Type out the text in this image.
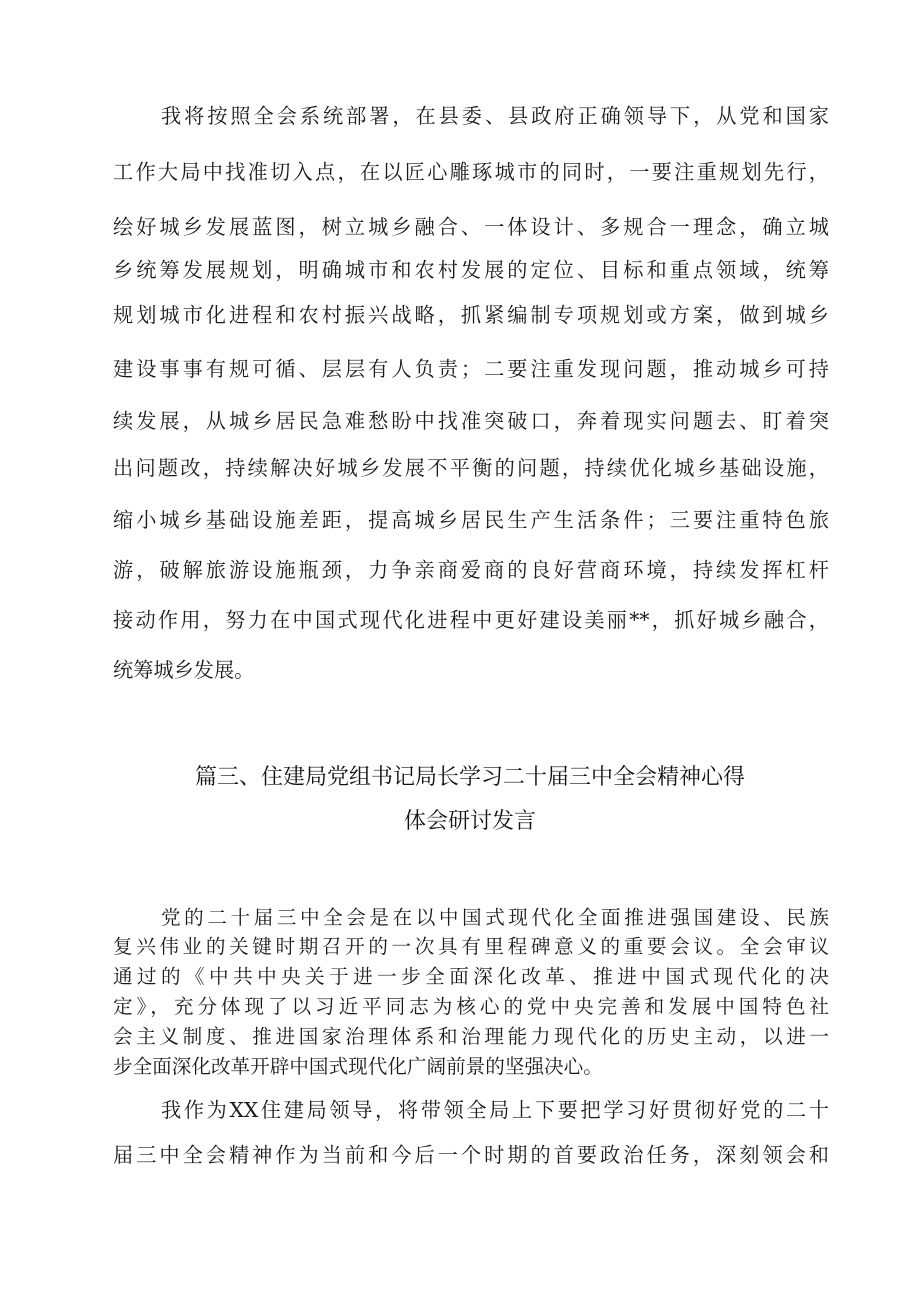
我将按照全会系统部署，在县委、县政府正确领导下，从党和国家
工作大局中找准切入点，在以匠心雕琢城市的同时，一要注重规划先行，
绘好城乡发展蓝图，树立城乡融合、一体设计、多规合一理念，确立城
乡统筹发展规划，明确城市和农村发展的定位、目标和重点领域，统筹
规划城市化进程和农村振兴战略，抓紧编制专项规划或方案，做到城乡
建设事事有规可循、层层有人负责；二要注重发现问题，推动城乡可持
续发展，从城乡居民急难愁盼中找准突破口，奔着现实问题去、盯着突
出问题改，持续解决好城乡发展不平衡的问题，持续优化城乡基础设施，
缩小城乡基础设施差距，提高城乡居民生产生活条件；三要注重特色旅
游，破解旅游设施瓶颈，力争亲商爱商的良好营商环境，持续发挥杠杆
接动作用，努力在中国式现代化进程中更好建设美丽**，抓好城乡融合，
统筹城乡发展。
篇三、住建局党组书记局长学习二十届三中全会精神心得
体会研讨发言
党的二十届三中全会是在以中国式现代化全面推进强国建设、民族
复兴伟业的关键时期召开的一次具有里程碑意义的重要会议。全会审议
通过的《中共中央关于进一步全面深化改革、推进中国式现代化的决
定》，充分体现了以习近平同志为核心的党中央完善和发展中国特色社
会主义制度、推进国家治理体系和治理能力现代化的历史主动，以进一
步全面深化改革开辟中国式现代化广阔前景的坚强决心。
我作为XX住建局领导，将带领全局上下要把学习好贯彻好党的二十
届三中全会精神作为当前和今后一个时期的首要政治任务，深刻领会和
